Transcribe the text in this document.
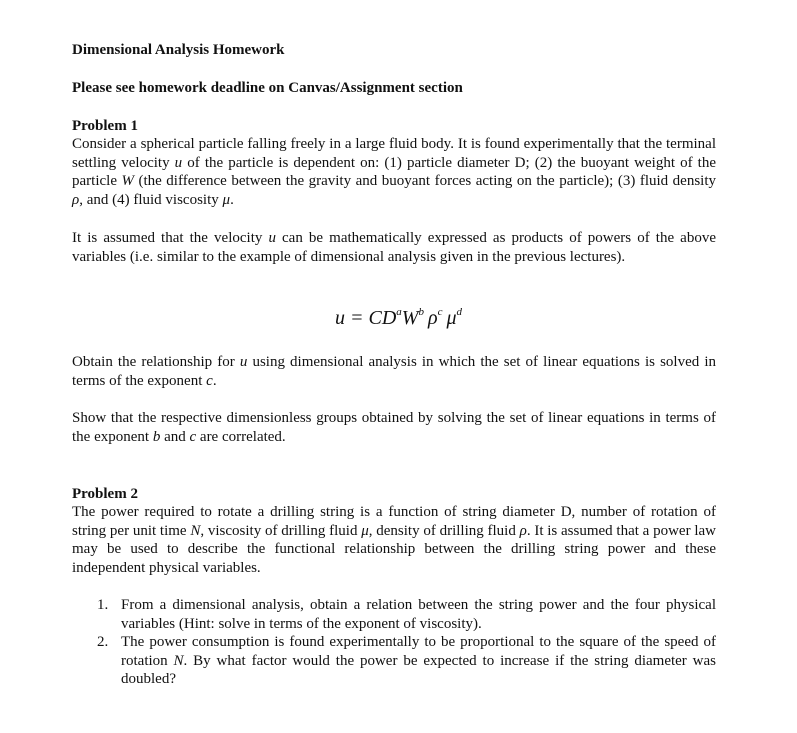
Dimensional Analysis Homework
Please see homework deadline on Canvas/Assignment section
Problem 1
Consider a spherical particle falling freely in a large fluid body. It is found experimentally that the terminal settling velocity u of the particle is dependent on: (1) particle diameter D; (2) the buoyant weight of the particle W (the difference between the gravity and buoyant forces acting on the particle); (3) fluid density ρ, and (4) fluid viscosity μ.
It is assumed that the velocity u can be mathematically expressed as products of powers of the above variables (i.e. similar to the example of dimensional analysis given in the previous lectures).
$u = CD^aW^b$ $\rho^c$ $\mu^d$
Obtain the relationship for u using dimensional analysis in which the set of linear equations is solved in terms of the exponent c.
Show that the respective dimensionless groups obtained by solving the set of linear equations in terms of the exponent b and c are correlated.
Problem 2
The power required to rotate a drilling string is a function of string diameter D, number of rotation of string per unit time N, viscosity of drilling fluid μ, density of drilling fluid ρ. It is assumed that a power law may be used to describe the functional relationship between the drilling string power and these independent physical variables.
1. From a dimensional analysis, obtain a relation between the string power and the four physical variables (Hint: solve in terms of the exponent of viscosity).
2. The power consumption is found experimentally to be proportional to the square of the speed of rotation N. By what factor would the power be expected to increase if the string diameter was doubled?
